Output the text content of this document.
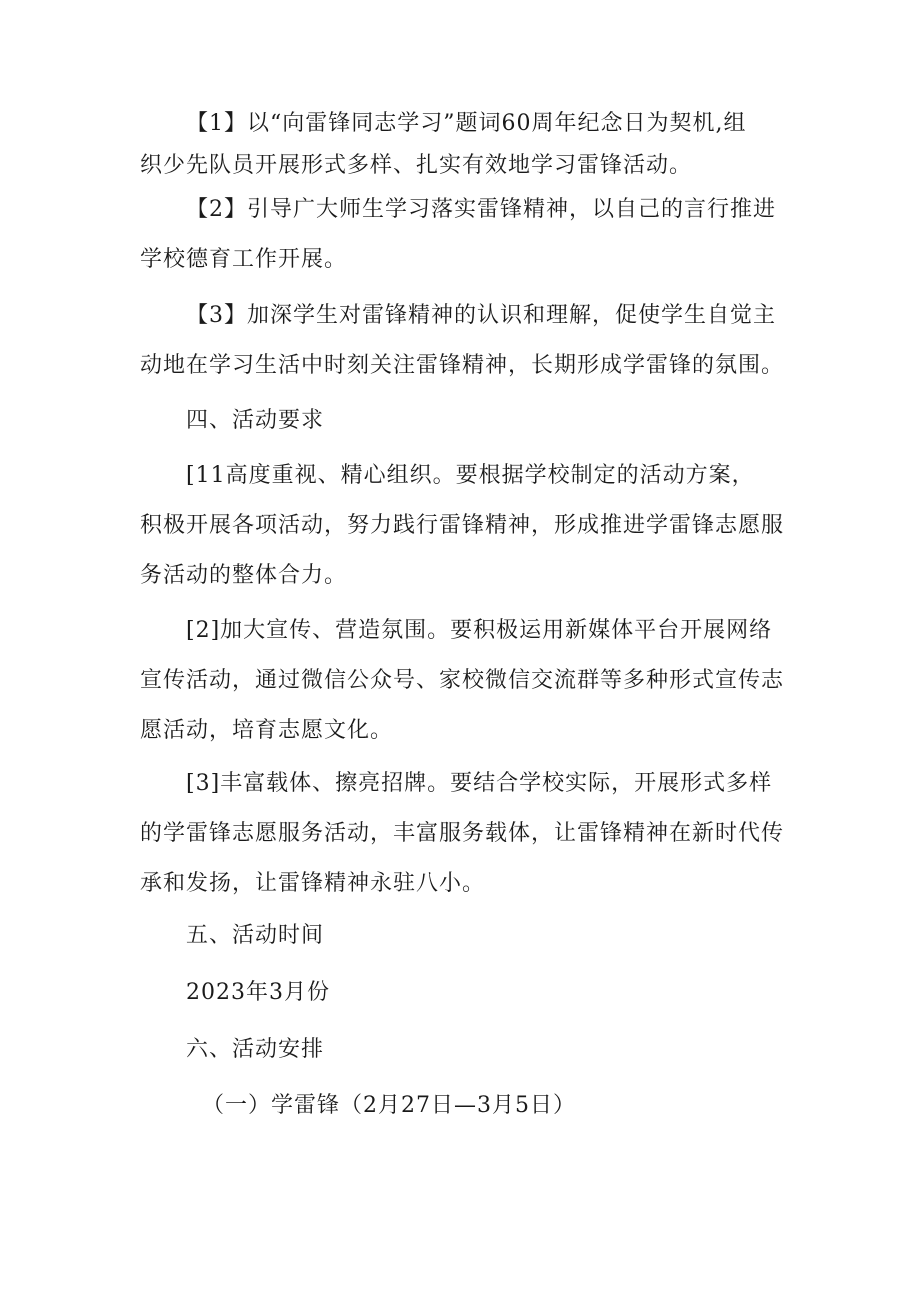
【1】以“向雷锋同志学习”题词60周年纪念日为契机,组
织少先队员开展形式多样、扎实有效地学习雷锋活动。
【2】引导广大师生学习落实雷锋精神，以自己的言行推进
学校德育工作开展。
【3】加深学生对雷锋精神的认识和理解，促使学生自觉主
动地在学习生活中时刻关注雷锋精神，长期形成学雷锋的氛围。
四、活动要求
[11高度重视、精心组织。要根据学校制定的活动方案，
积极开展各项活动，努力践行雷锋精神，形成推进学雷锋志愿服
务活动的整体合力。
[2]加大宣传、营造氛围。要积极运用新媒体平台开展网络
宣传活动，通过微信公众号、家校微信交流群等多种形式宣传志
愿活动，培育志愿文化。
[3]丰富载体、擦亮招牌。要结合学校实际，开展形式多样
的学雷锋志愿服务活动，丰富服务载体，让雷锋精神在新时代传
承和发扬，让雷锋精神永驻八小。
五、活动时间
2023年3月份
六、活动安排
（一）学雷锋（2月27日—3月5日）
